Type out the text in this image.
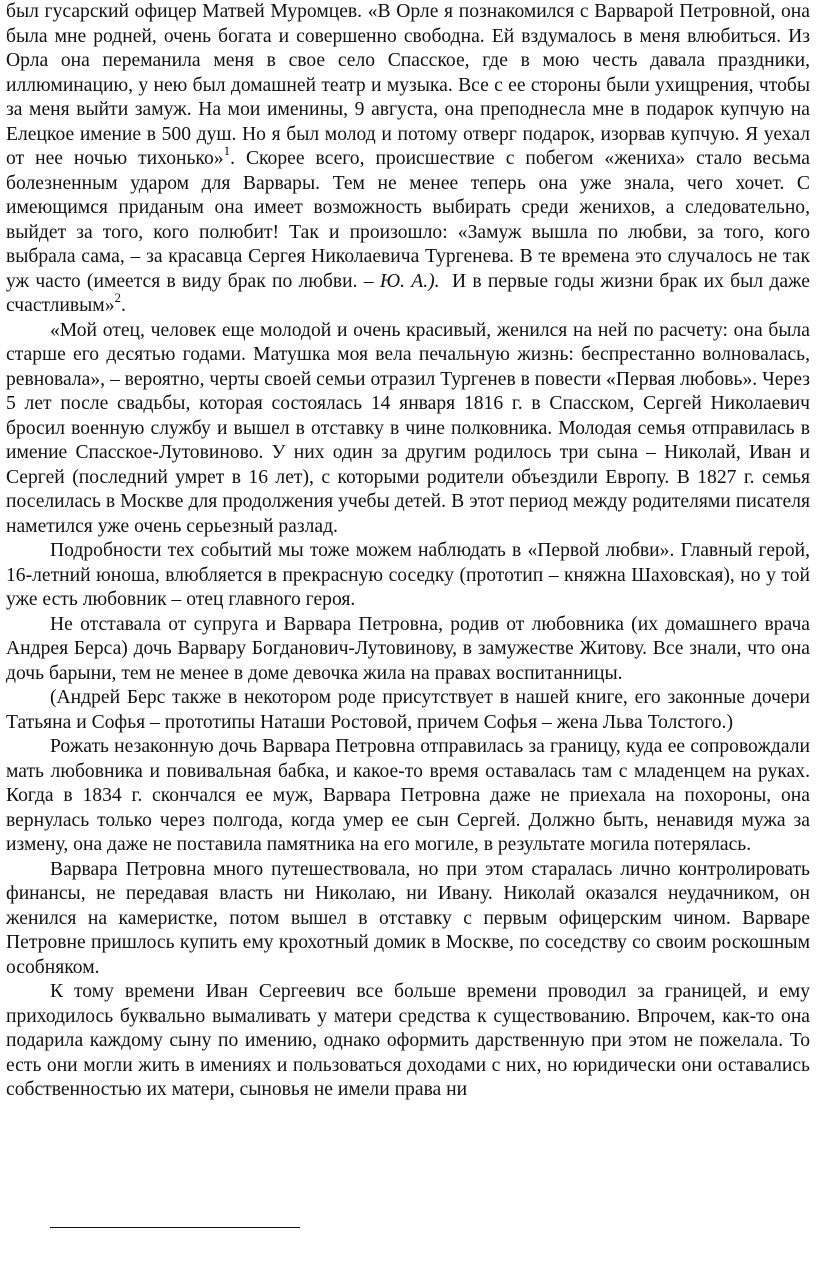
был гусарский офицер Матвей Муромцев. «В Орле я познакомился с Варварой Петровной, она была мне родней, очень богата и совершенно свободна. Ей вздумалось в меня влюбиться. Из Орла она переманила меня в свое село Спасское, где в мою честь давала праздники, иллюминацию, у нею был домашней театр и музыка. Все с ее стороны были ухищрения, чтобы за меня выйти замуж. На мои именины, 9 августа, она преподнесла мне в подарок купчую на Елецкое имение в 500 душ. Но я был молод и потому отверг подарок, изорвав купчую. Я уехал от нее ночью тихонько»$^1$. Скорее всего, происшествие с побегом «жениха» стало весьма болезненным ударом для Варвары. Тем не менее теперь она уже знала, чего хочет. С имеющимся приданым она имеет возможность выбирать среди женихов, а следовательно, выйдет за того, кого полюбит! Так и произошло: «Замуж вышла по любви, за того, кого выбрала сама, – за красавца Сергея Николаевича Тургенева. В те времена это случалось не так уж часто (имеется в виду брак по любви. – Ю. А.).  И в первые годы жизни брак их был даже счастливым»$^2$.

«Мой отец, человек еще молодой и очень красивый, женился на ней по расчету: она была старше его десятью годами. Матушка моя вела печальную жизнь: беспрестанно волновалась, ревновала», – вероятно, черты своей семьи отразил Тургенев в повести «Первая любовь». Через 5 лет после свадьбы, которая состоялась 14 января 1816 г. в Спасском, Сергей Николаевич бросил военную службу и вышел в отставку в чине полковника. Молодая семья отправилась в имение Спасское-Лутовиново. У них один за другим родилось три сына – Николай, Иван и Сергей (последний умрет в 16 лет), с которыми родители объездили Европу. В 1827 г. семья поселилась в Москве для продолжения учебы детей. В этот период между родителями писателя наметился уже очень серьезный разлад.

Подробности тех событий мы тоже можем наблюдать в «Первой любви». Главный герой, 16-летний юноша, влюбляется в прекрасную соседку (прототип – княжна Шаховская), но у той уже есть любовник – отец главного героя.

Не отставала от супруга и Варвара Петровна, родив от любовника (их домашнего врача Андрея Берса) дочь Варвару Богданович-Лутовинову, в замужестве Житову. Все знали, что она дочь барыни, тем не менее в доме девочка жила на правах воспитанницы.

(Андрей Берс также в некотором роде присутствует в нашей книге, его законные дочери Татьяна и Софья – прототипы Наташи Ростовой, причем Софья – жена Льва Толстого.)

Рожать незаконную дочь Варвара Петровна отправилась за границу, куда ее сопровождали мать любовника и повивальная бабка, и какое-то время оставалась там с младенцем на руках. Когда в 1834 г. скончался ее муж, Варвара Петровна даже не приехала на похороны, она вернулась только через полгода, когда умер ее сын Сергей. Должно быть, ненавидя мужа за измену, она даже не поставила памятника на его могиле, в результате могила потерялась.

Варвара Петровна много путешествовала, но при этом старалась лично контролировать финансы, не передавая власть ни Николаю, ни Ивану. Николай оказался неудачником, он женился на камеристке, потом вышел в отставку с первым офицерским чином. Варваре Петровне пришлось купить ему крохотный домик в Москве, по соседству со своим роскошным особняком.

К тому времени Иван Сергеевич все больше времени проводил за границей, и ему приходилось буквально вымаливать у матери средства к существованию. Впрочем, как-то она подарила каждому сыну по имению, однако оформить дарственную при этом не пожелала. То есть они могли жить в имениях и пользоваться доходами с них, но юридически они оставались собственностью их матери, сыновья не имели права ни
